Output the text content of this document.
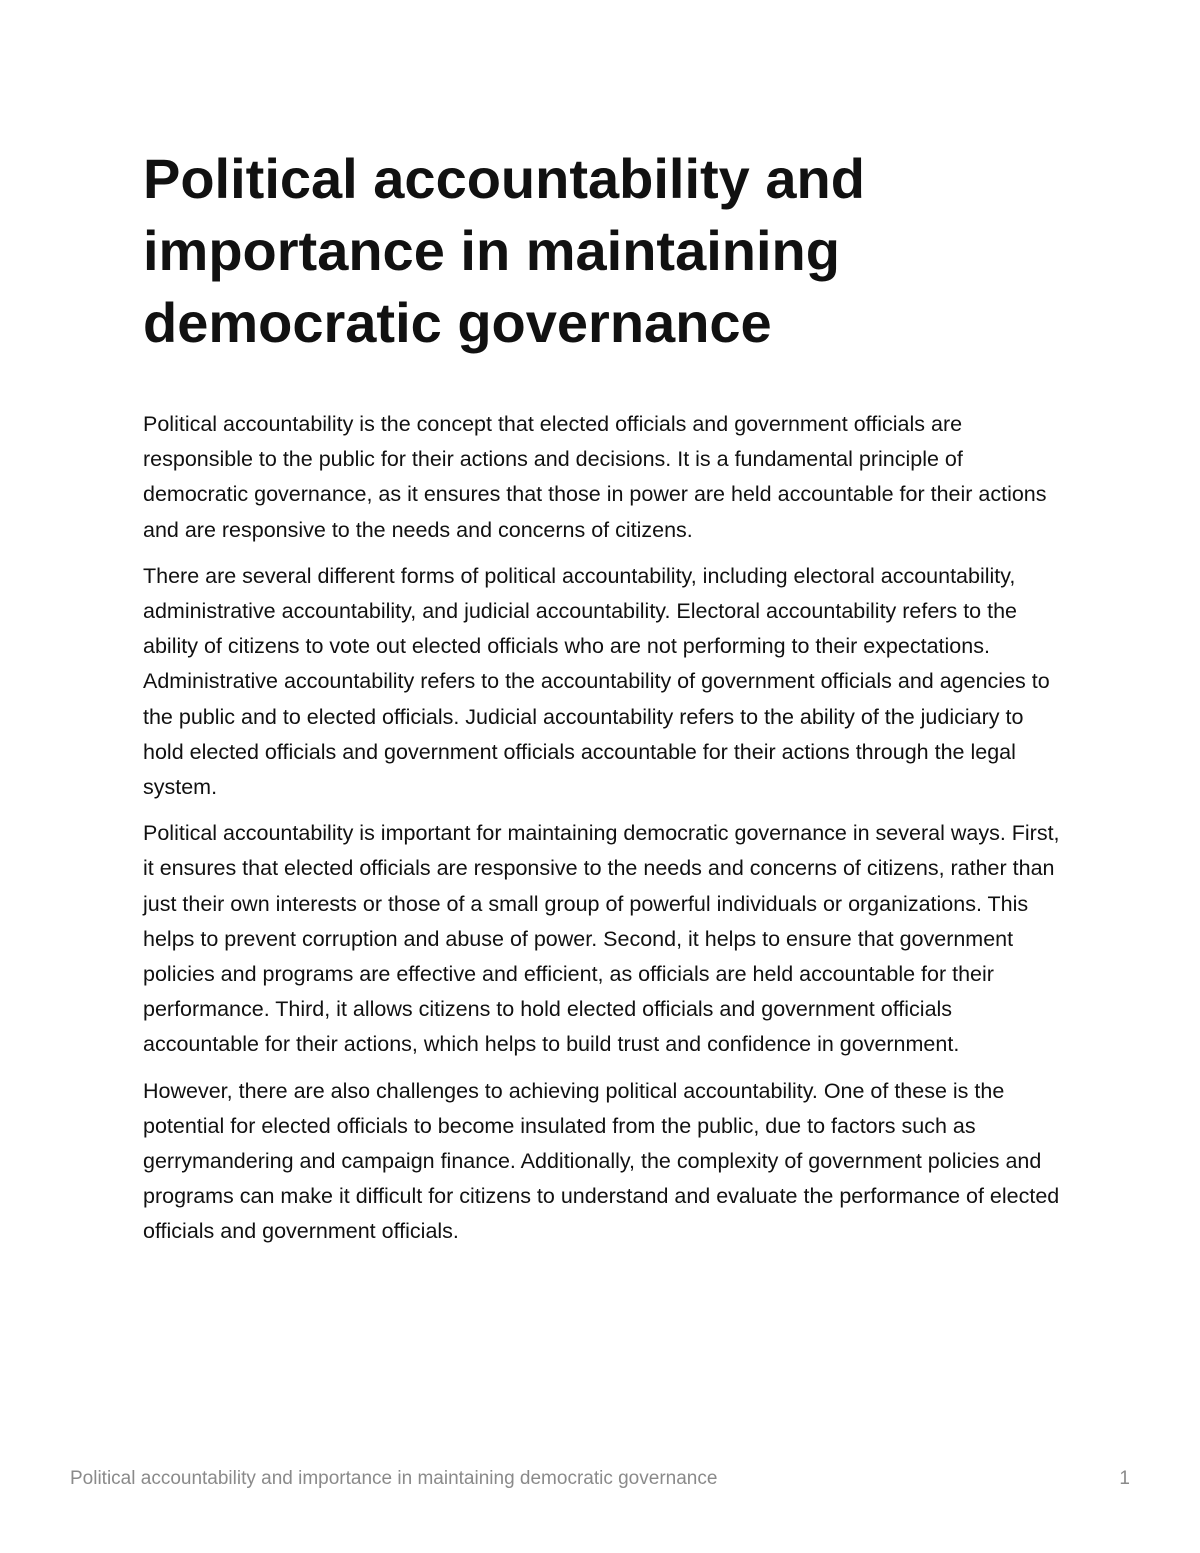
Political accountability and importance in maintaining democratic governance

Political accountability is the concept that elected officials and government officials are responsible to the public for their actions and decisions. It is a fundamental principle of democratic governance, as it ensures that those in power are held accountable for their actions and are responsive to the needs and concerns of citizens.

There are several different forms of political accountability, including electoral accountability, administrative accountability, and judicial accountability. Electoral accountability refers to the ability of citizens to vote out elected officials who are not performing to their expectations. Administrative accountability refers to the accountability of government officials and agencies to the public and to elected officials. Judicial accountability refers to the ability of the judiciary to hold elected officials and government officials accountable for their actions through the legal system.

Political accountability is important for maintaining democratic governance in several ways. First, it ensures that elected officials are responsive to the needs and concerns of citizens, rather than just their own interests or those of a small group of powerful individuals or organizations. This helps to prevent corruption and abuse of power. Second, it helps to ensure that government policies and programs are effective and efficient, as officials are held accountable for their performance. Third, it allows citizens to hold elected officials and government officials accountable for their actions, which helps to build trust and confidence in government.

However, there are also challenges to achieving political accountability. One of these is the potential for elected officials to become insulated from the public, due to factors such as gerrymandering and campaign finance. Additionally, the complexity of government policies and programs can make it difficult for citizens to understand and evaluate the performance of elected officials and government officials.

Political accountability and importance in maintaining democratic governance	1
